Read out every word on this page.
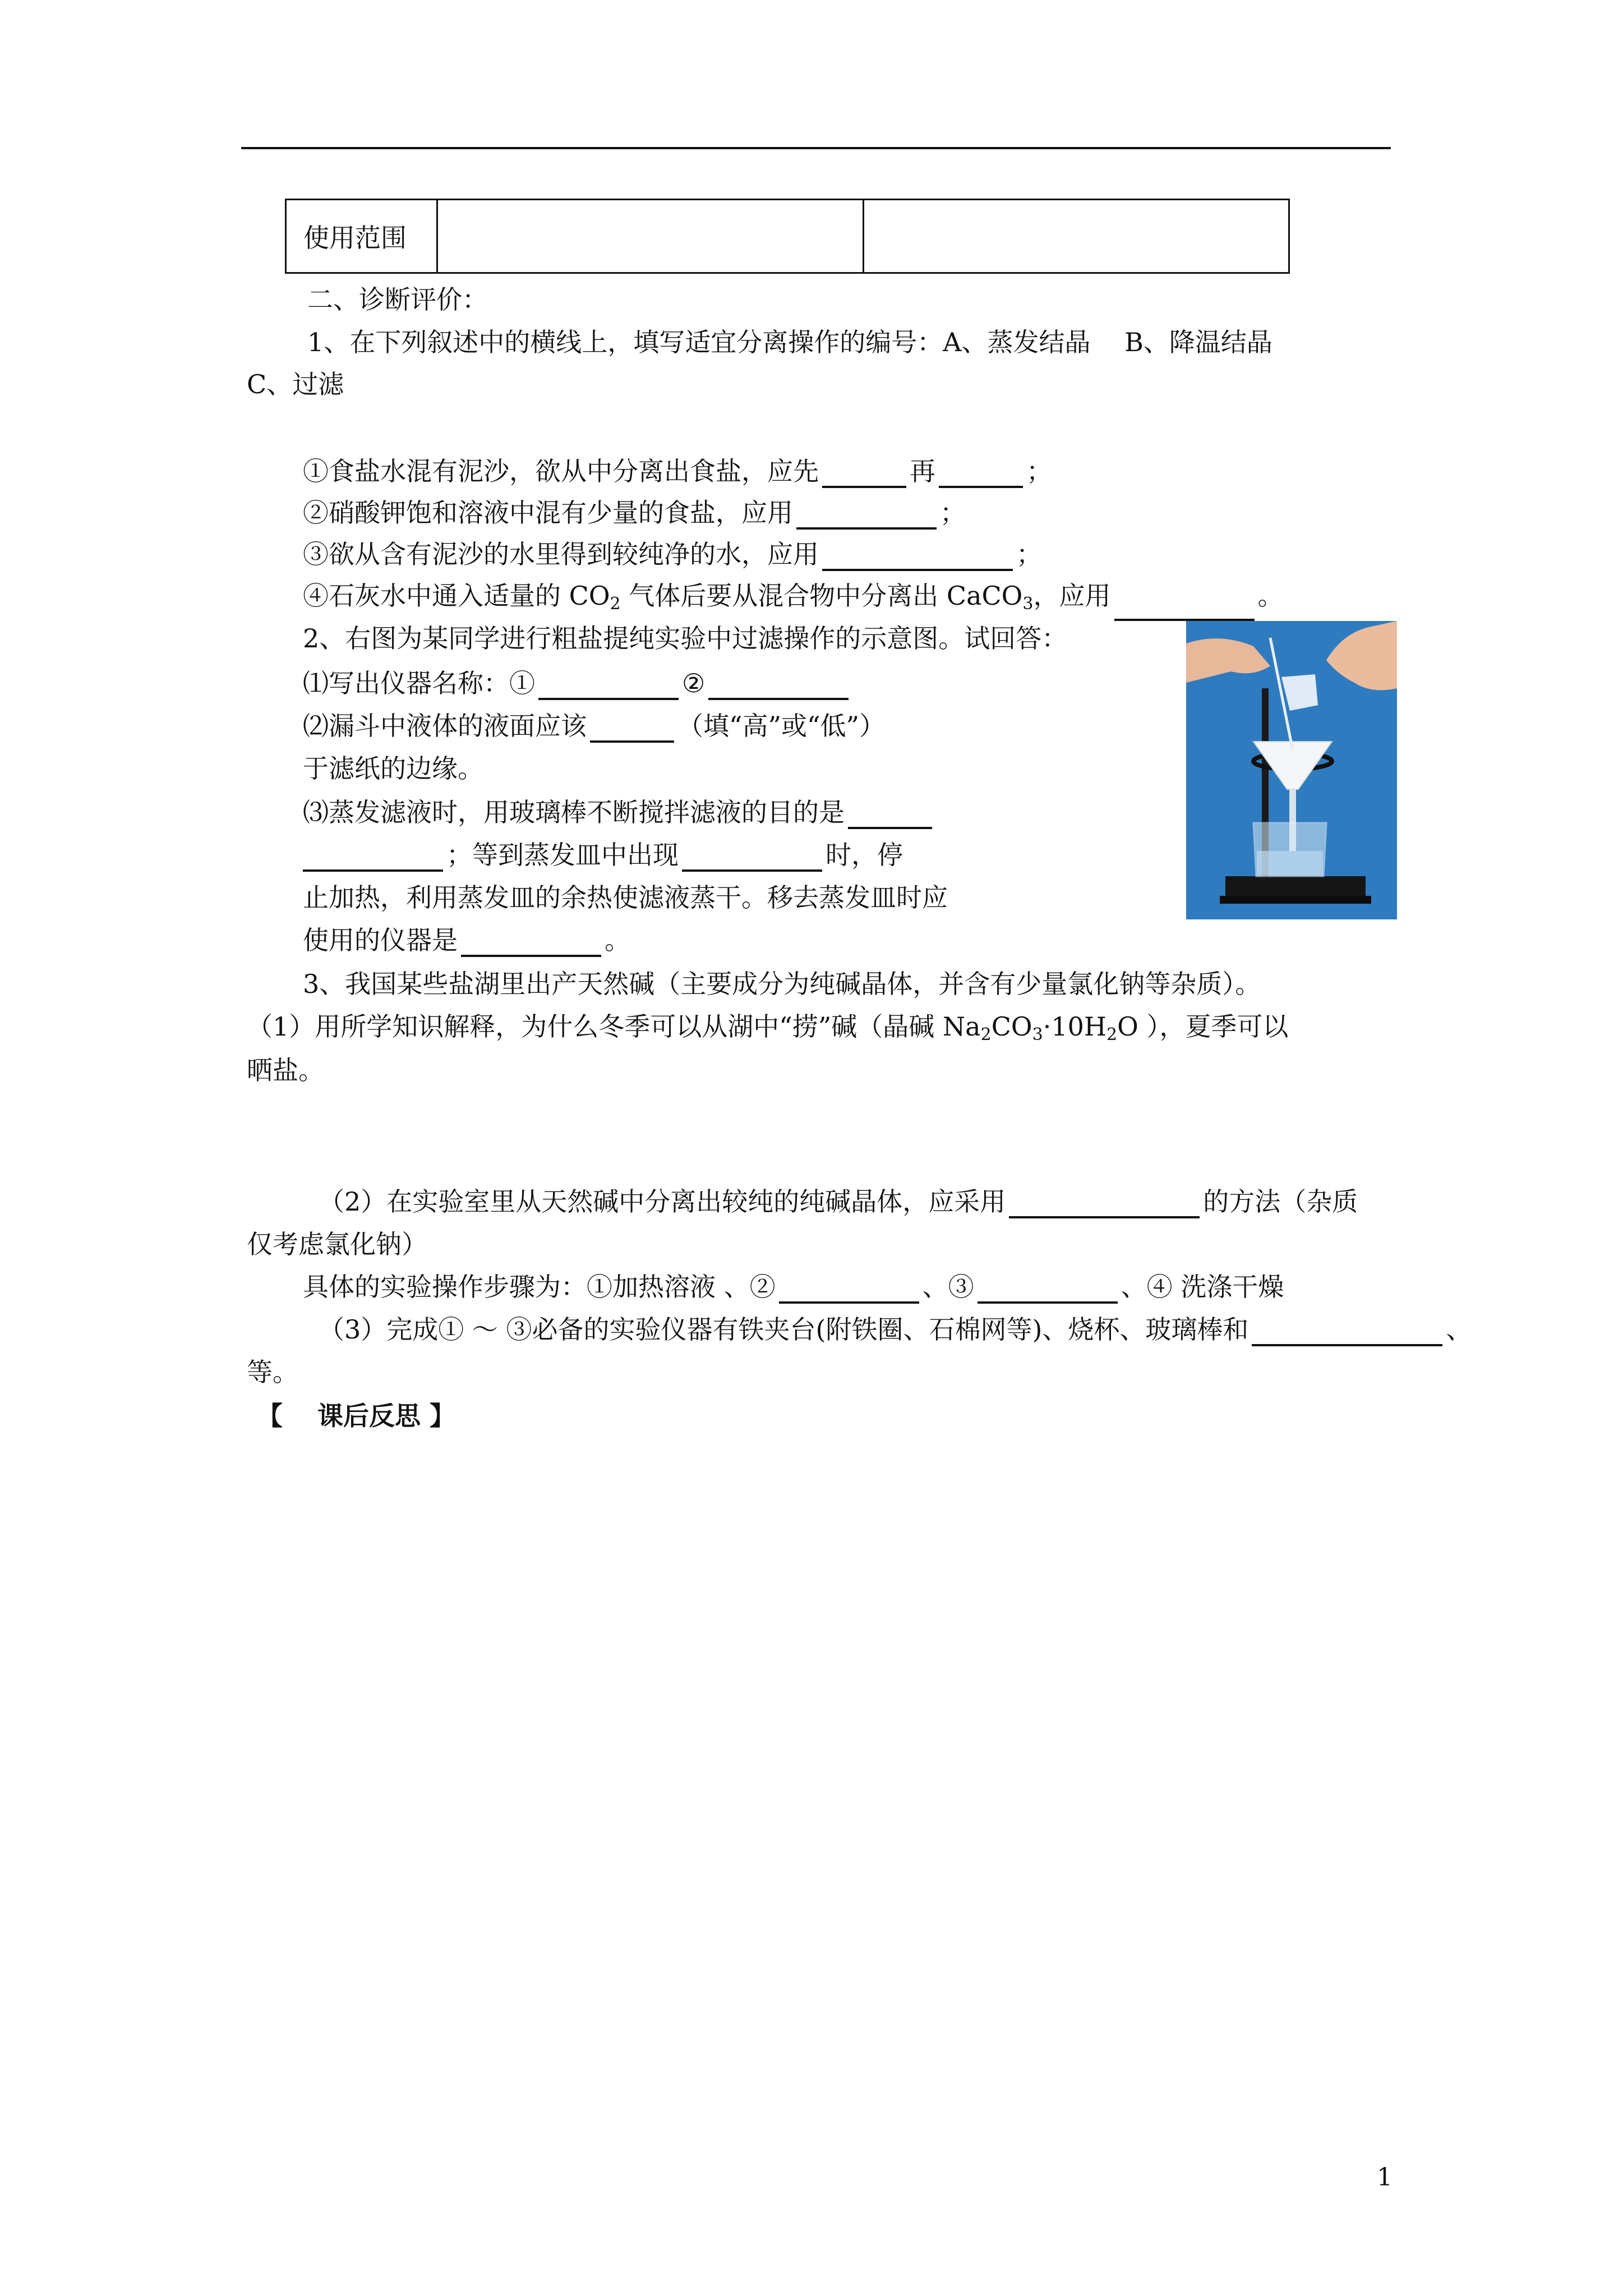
使用范围
二、诊断评价：
1、在下列叙述中的横线上，填写适宜分离操作的编号：A、蒸发结晶　 B、降温结晶
C、过滤
①食盐水混有泥沙，欲从中分离出食盐，应先	再	；
②硝酸钾饱和溶液中混有少量的食盐，应用	；
③欲从含有泥沙的水里得到较纯净的水，应用	；
④石灰水中通入适量的 $CO_2$ 气体后要从混合物中分离出 CaCO$_3$，应用	。
2、右图为某同学进行粗盐提纯实验中过滤操作的示意图。试回答：
⑴写出仪器名称：①	②
⑵漏斗中液体的液面应该	（填“高”或“低”）
于滤纸的边缘。
⑶蒸发滤液时，用玻璃棒不断搅拌滤液的目的是
；等到蒸发皿中出现	时，停
止加热，利用蒸发皿的余热使滤液蒸干。移去蒸发皿时应
使用的仪器是	。
3、我国某些盐湖里出产天然碱（主要成分为纯碱晶体，并含有少量氯化钠等杂质）。
（1）用所学知识解释，为什么冬季可以从湖中“捞”碱（晶碱 $Na_2CO_3\cdot 10H_2O$ ），夏季可以
晒盐。
（2）在实验室里从天然碱中分离出较纯的纯碱晶体，应采用	的方法（杂质
仅考虑氯化钠）
具体的实验操作步骤为：①加热溶液 、②	、③	、④ 洗涤干燥
（3）完成① ～ ③必备的实验仪器有铁夹台(附铁圈、石棉网等)、烧杯、玻璃棒和	、
等。
【　 课后反思 】
1
